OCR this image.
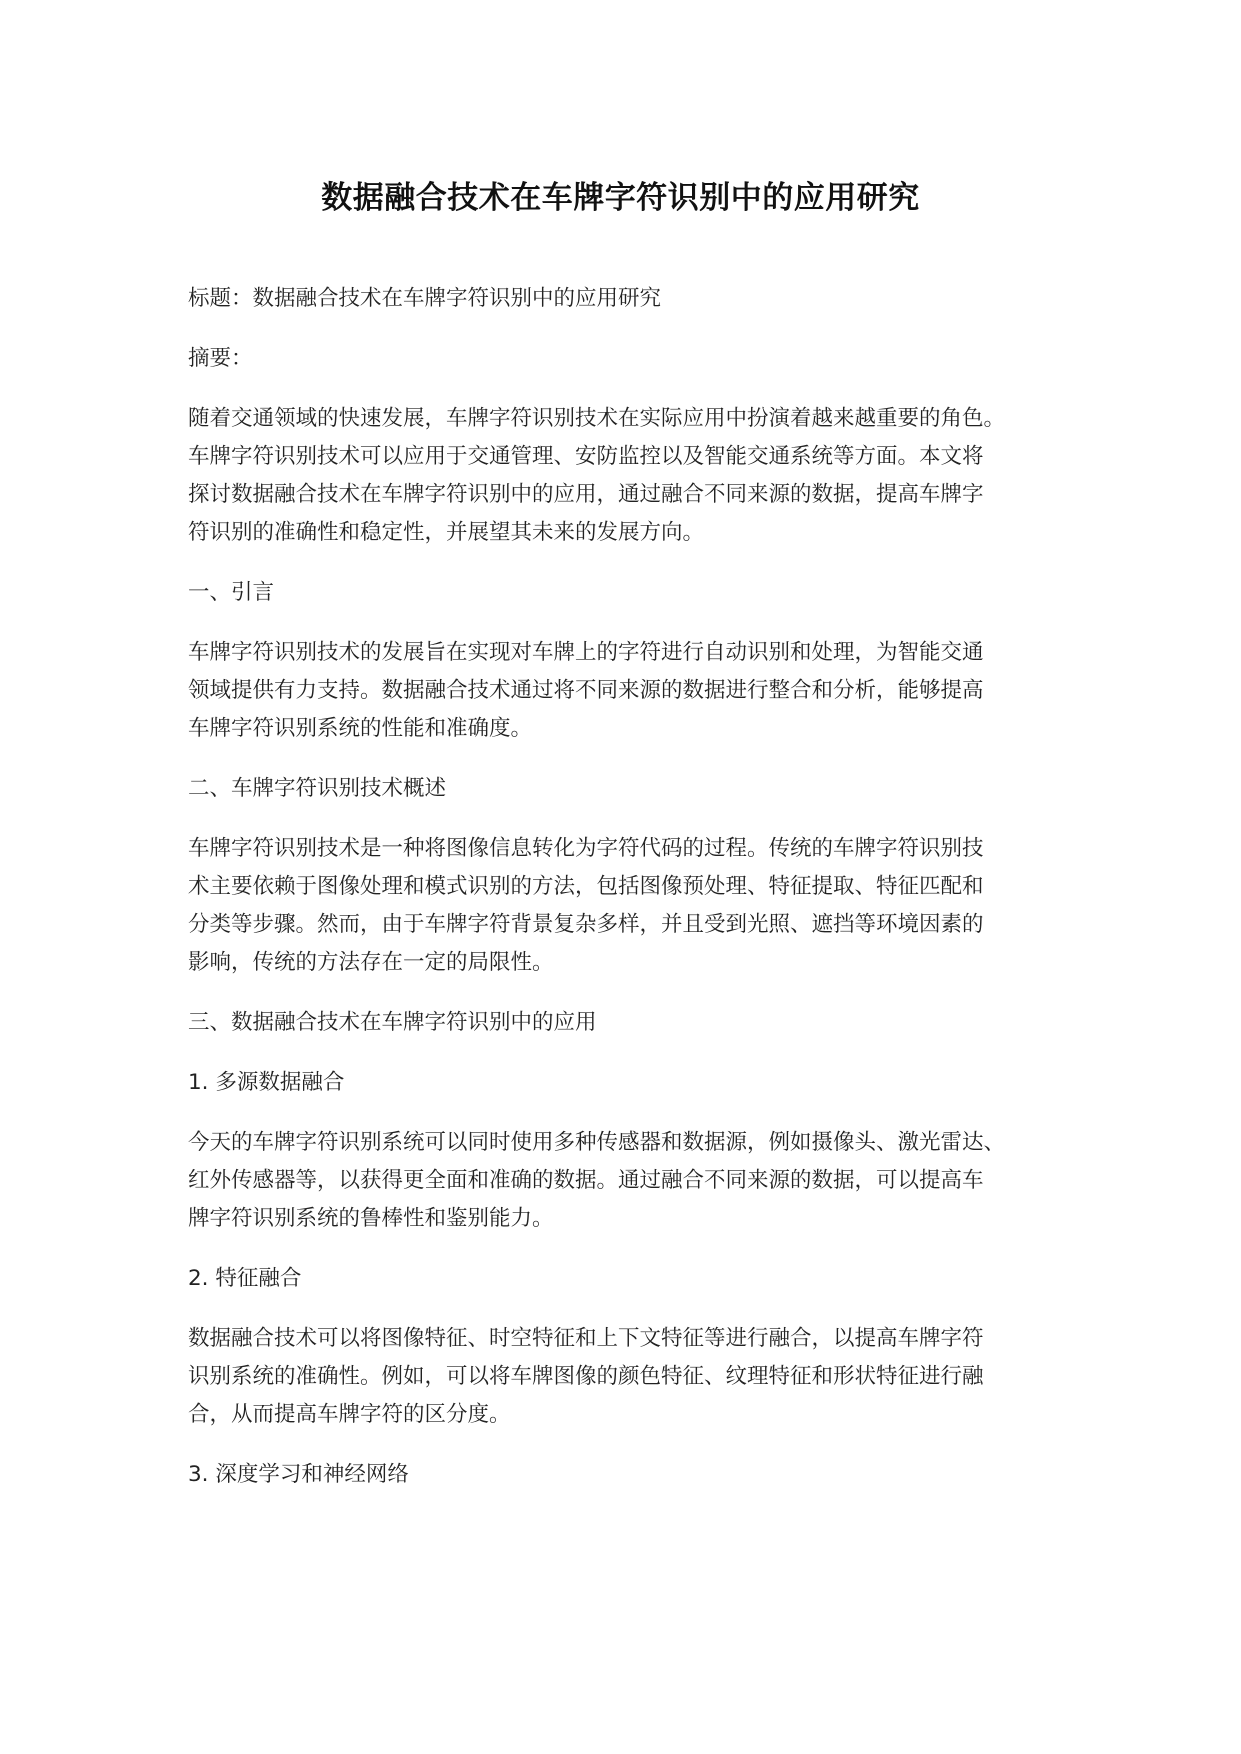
数据融合技术在车牌字符识别中的应用研究

标题：数据融合技术在车牌字符识别中的应用研究

摘要：

随着交通领域的快速发展，车牌字符识别技术在实际应用中扮演着越来越重要的角色。
车牌字符识别技术可以应用于交通管理、安防监控以及智能交通系统等方面。本文将
探讨数据融合技术在车牌字符识别中的应用，通过融合不同来源的数据，提高车牌字
符识别的准确性和稳定性，并展望其未来的发展方向。

一、引言

车牌字符识别技术的发展旨在实现对车牌上的字符进行自动识别和处理，为智能交通
领域提供有力支持。数据融合技术通过将不同来源的数据进行整合和分析，能够提高
车牌字符识别系统的性能和准确度。

二、车牌字符识别技术概述

车牌字符识别技术是一种将图像信息转化为字符代码的过程。传统的车牌字符识别技
术主要依赖于图像处理和模式识别的方法，包括图像预处理、特征提取、特征匹配和
分类等步骤。然而，由于车牌字符背景复杂多样，并且受到光照、遮挡等环境因素的
影响，传统的方法存在一定的局限性。

三、数据融合技术在车牌字符识别中的应用

1. 多源数据融合

今天的车牌字符识别系统可以同时使用多种传感器和数据源，例如摄像头、激光雷达、
红外传感器等，以获得更全面和准确的数据。通过融合不同来源的数据，可以提高车
牌字符识别系统的鲁棒性和鉴别能力。

2. 特征融合

数据融合技术可以将图像特征、时空特征和上下文特征等进行融合，以提高车牌字符
识别系统的准确性。例如，可以将车牌图像的颜色特征、纹理特征和形状特征进行融
合，从而提高车牌字符的区分度。

3. 深度学习和神经网络
